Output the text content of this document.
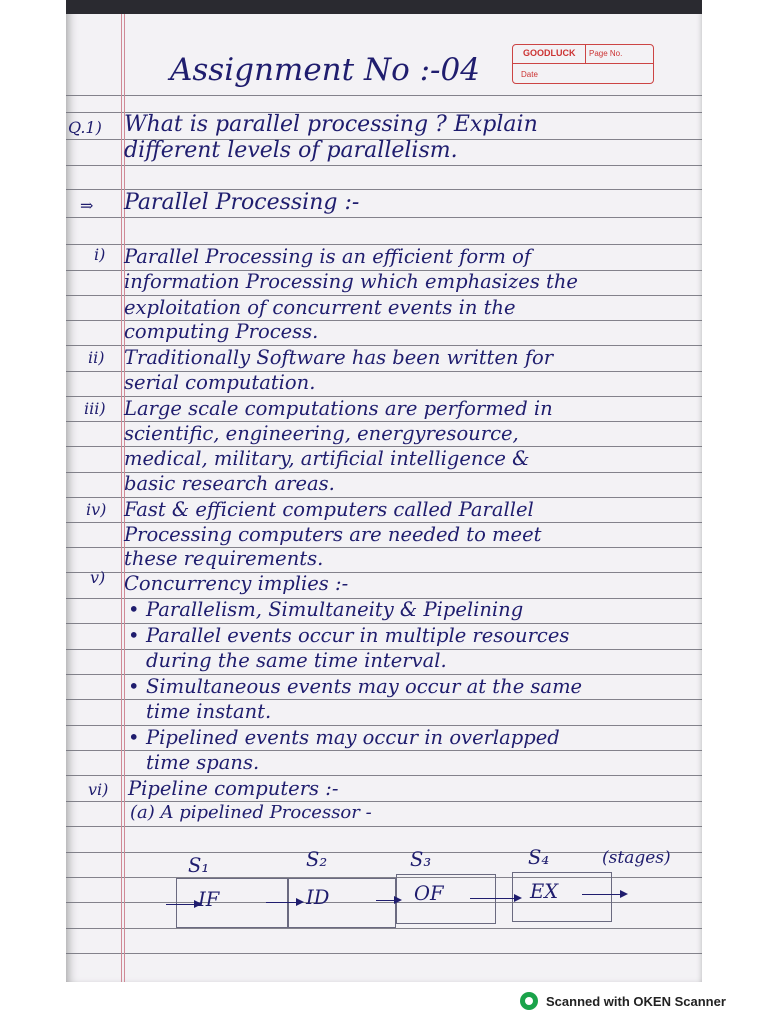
GOODLUCK Page No.
Date
Assignment No :-04
Q.1) What is parallel processing ? Explain
different levels of parallelism.
⇒ Parallel Processing :-
i) Parallel Processing is an efficient form of
information Processing which emphasizes the
exploitation of concurrent events in the
computing Process.
ii) Traditionally Software has been written for
serial computation.
iii) Large scale computations are performed in
scientific, engineering, energyresource,
medical, military, artificial intelligence &
basic research areas.
iv) Fast & efficient computers called Parallel
Processing computers are needed to meet
these requirements.
v) Concurrency implies :-
• Parallelism, Simultaneity & Pipelining
• Parallel events occur in multiple resources
during the same time interval.
• Simultaneous events may occur at the same
time instant.
• Pipelined events may occur in overlapped
time spans.
vi) Pipeline computers :-
(a) A pipelined Processor -
S₁	S₂	S₃	S₄	(stages)
IF	ID	OF	EX
Scanned with OKEN Scanner
